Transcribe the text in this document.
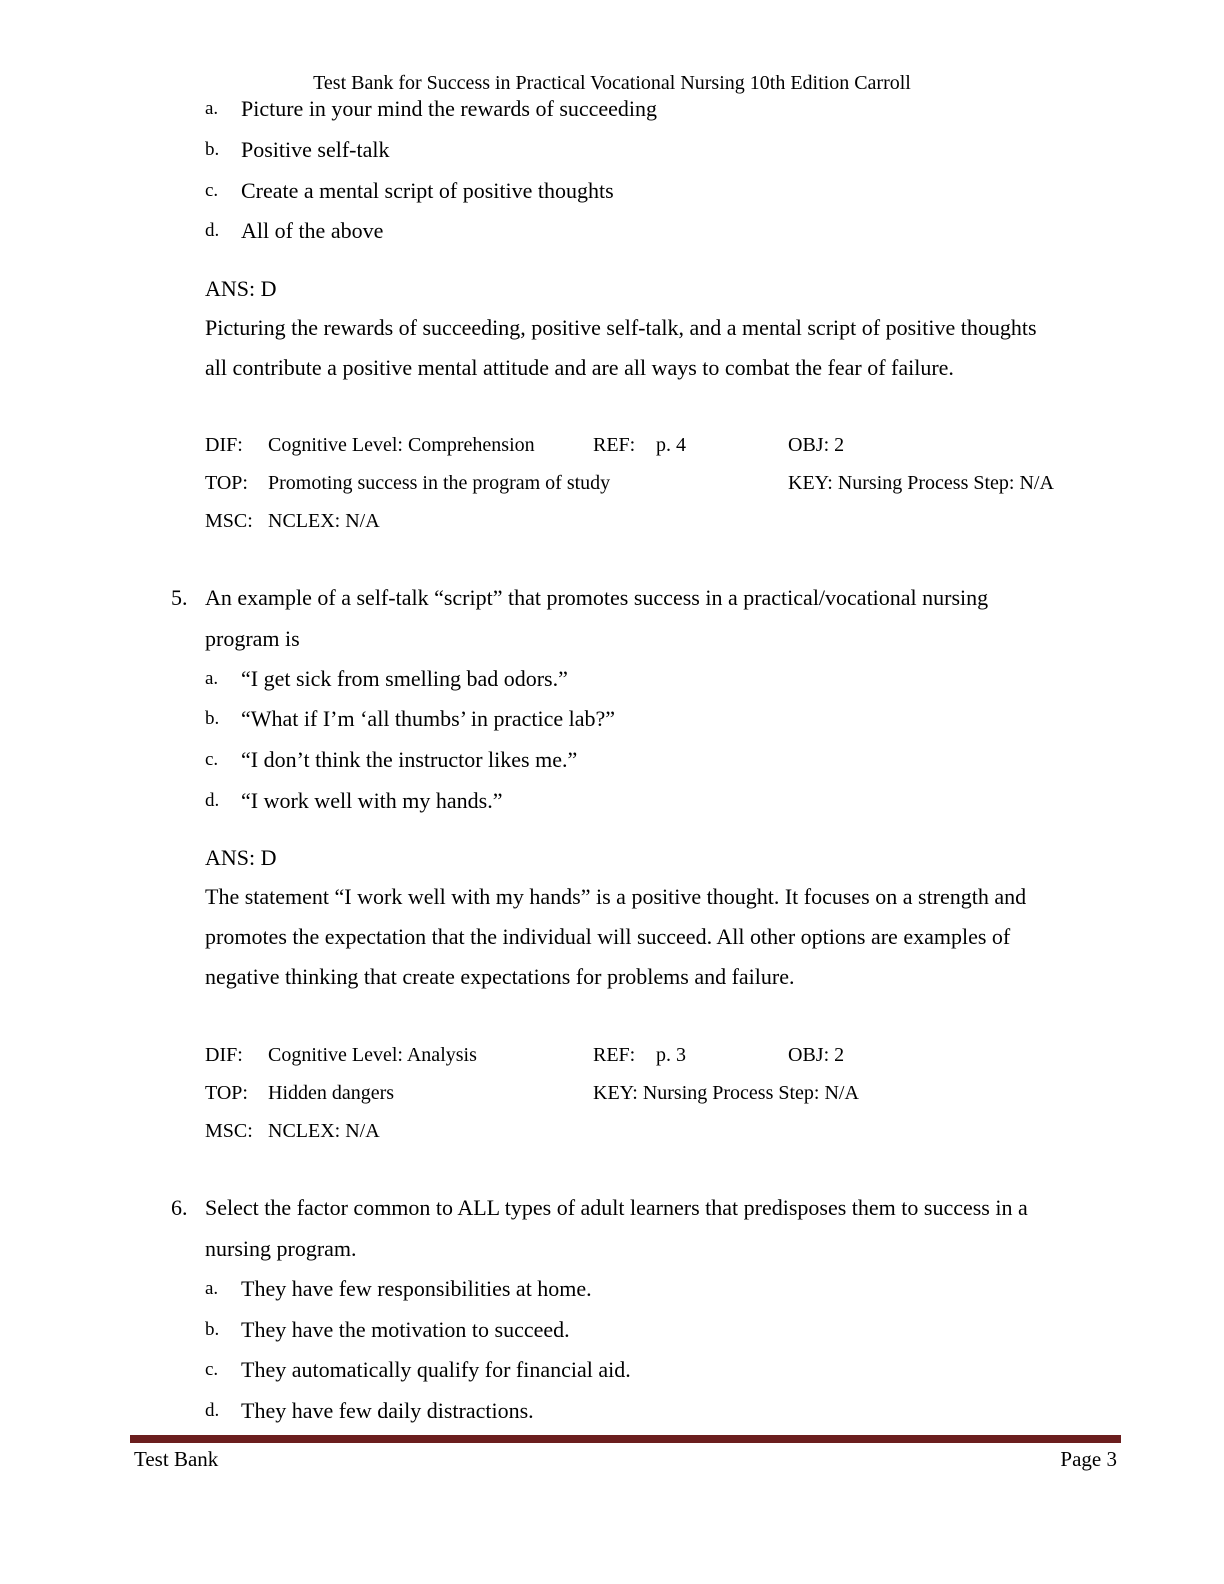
Test Bank for Success in Practical Vocational Nursing 10th Edition Carroll
a. Picture in your mind the rewards of succeeding
b. Positive self-talk
c. Create a mental script of positive thoughts
d. All of the above
ANS: D
Picturing the rewards of succeeding, positive self-talk, and a mental script of positive thoughts
all contribute a positive mental attitude and are all ways to combat the fear of failure.
DIF: Cognitive Level: Comprehension	REF: p. 4	OBJ: 2
TOP: Promoting success in the program of study	KEY: Nursing Process Step: N/A
MSC: NCLEX: N/A
5. An example of a self-talk “script” that promotes success in a practical/vocational nursing
program is
a. “I get sick from smelling bad odors.”
b. “What if I’m ‘all thumbs’ in practice lab?”
c. “I don’t think the instructor likes me.”
d. “I work well with my hands.”
ANS: D
The statement “I work well with my hands” is a positive thought. It focuses on a strength and
promotes the expectation that the individual will succeed. All other options are examples of
negative thinking that create expectations for problems and failure.
DIF: Cognitive Level: Analysis	REF: p. 3	OBJ: 2
TOP: Hidden dangers	KEY: Nursing Process Step: N/A
MSC: NCLEX: N/A
6. Select the factor common to ALL types of adult learners that predisposes them to success in a
nursing program.
a. They have few responsibilities at home.
b. They have the motivation to succeed.
c. They automatically qualify for financial aid.
d. They have few daily distractions.
Test Bank	Page 3
